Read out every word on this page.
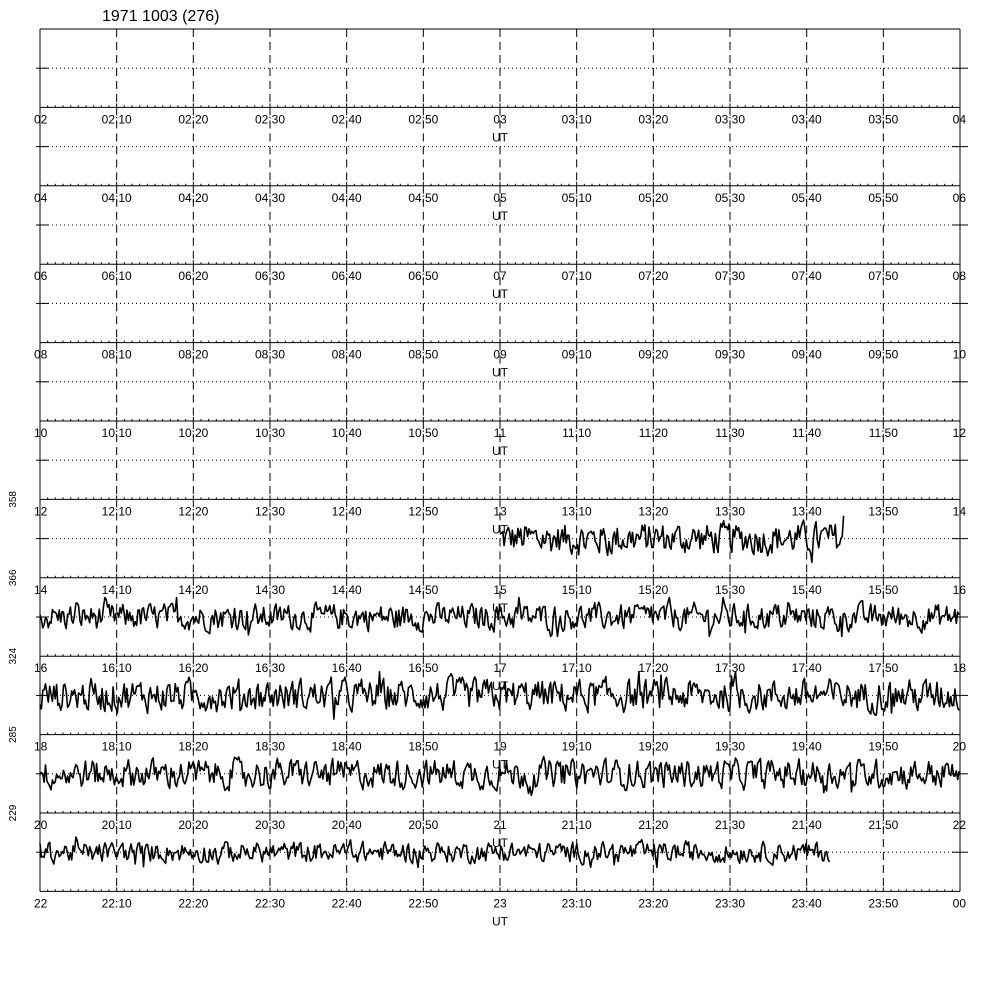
1971 1003 (276)
02	02:10	02:20	02:30	02:40	02:50	03	03:10	03:20	03:30	03:40	03:50	04
UT
04	04:10	04:20	04:30	04:40	04:50	05	05:10	05:20	05:30	05:40	05:50	06
UT
06	06:10	06:20	06:30	06:40	06:50	07	07:10	07:20	07:30	07:40	07:50	08
UT
08	08:10	08:20	08:30	08:40	08:50	09	09:10	09:20	09:30	09:40	09:50	10
UT
10	10:10	10:20	10:30	10:40	10:50	11	11:10	11:20	11:30	11:40	11:50	12
UT
12	12:10	12:20	12:30	12:40	12:50	13	13:10	13:20	13:30	13:40	13:50	14
UT
14	14:10	14:20	14:30	14:40	14:50	15	15:10	15:20	15:30	15:40	15:50	16
UT
16	16:10	16:20	16:30	16:40	16:50	17	17:10	17:20	17:30	17:40	17:50	18
UT
18	18:10	18:20	18:30	18:40	18:50	19	19:10	19:20	19:30	19:40	19:50	20
UT
20	20:10	20:20	20:30	20:40	20:50	21	21:10	21:20	21:30	21:40	21:50	22
UT
22	22:10	22:20	22:30	22:40	22:50	23	23:10	23:20	23:30	23:40	23:50	00
UT
358
366
324
285
229
